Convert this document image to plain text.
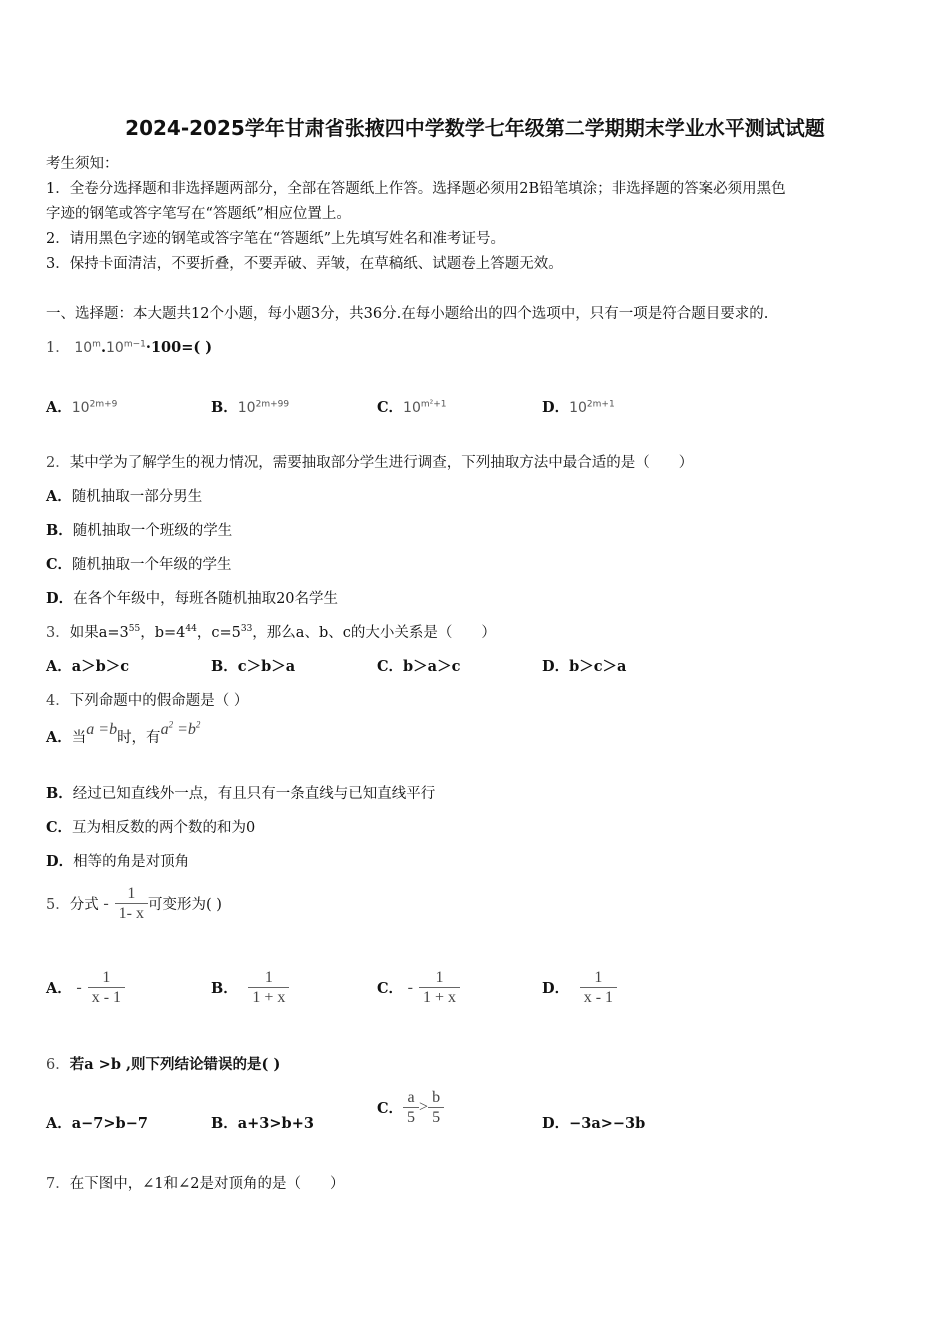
2024-2025学年甘肃省张掖四中学数学七年级第二学期期末学业水平测试试题
考生须知：
1．全卷分选择题和非选择题两部分，全部在答题纸上作答。选择题必须用2B铅笔填涂；非选择题的答案必须用黑色
字迹的钢笔或答字笔写在“答题纸”相应位置上。
2．请用黑色字迹的钢笔或答字笔在“答题纸”上先填写姓名和准考证号。
3．保持卡面清洁，不要折叠，不要弄破、弄皱，在草稿纸、试题卷上答题无效。
一、选择题：本大题共12个小题，每小题3分，共36分.在每小题给出的四个选项中，只有一项是符合题目要求的.
1． $10^m.10^{m-1}\cdot 100=$( )
A．$10^{2m+9}$	B．$10^{2m+99}$	C．$10^{m^2+1}$	D．$10^{2m+1}$
2．某中学为了解学生的视力情况，需要抽取部分学生进行调查，下列抽取方法中最合适的是（　　）
A．随机抽取一部分男生
B．随机抽取一个班级的学生
C．随机抽取一个年级的学生
D．在各个年级中，每班各随机抽取20名学生
3．如果$a=3^{55}$，$b=4^{44}$，$c=5^{33}$，那么a、b、c的大小关系是（　　）
A．a＞b＞c	B．c＞b＞a	C．b＞a＞c	D．b＞c＞a
4．下列命题中的假命题是（ ）
A．当a =b时，有$a^2 =b^2$
B．经过已知直线外一点，有且只有一条直线与已知直线平行
C．互为相反数的两个数的和为0
D．相等的角是对顶角
5．分式 - $\frac{1}{1- x}$ 可变形为( )
A． - $\frac{1}{x - 1}$	B． $\frac{1}{1 + x}$	C． - $\frac{1}{1 + x}$	D． $\frac{1}{x - 1}$
6．若a >b ,则下列结论错误的是( )
A．a−7>b−7	B．a+3>b+3
C． $\frac{a}{5} > \frac{b}{5}$	D．−3a>−3b
7．在下图中，∠1和∠2是对顶角的是（　　）
